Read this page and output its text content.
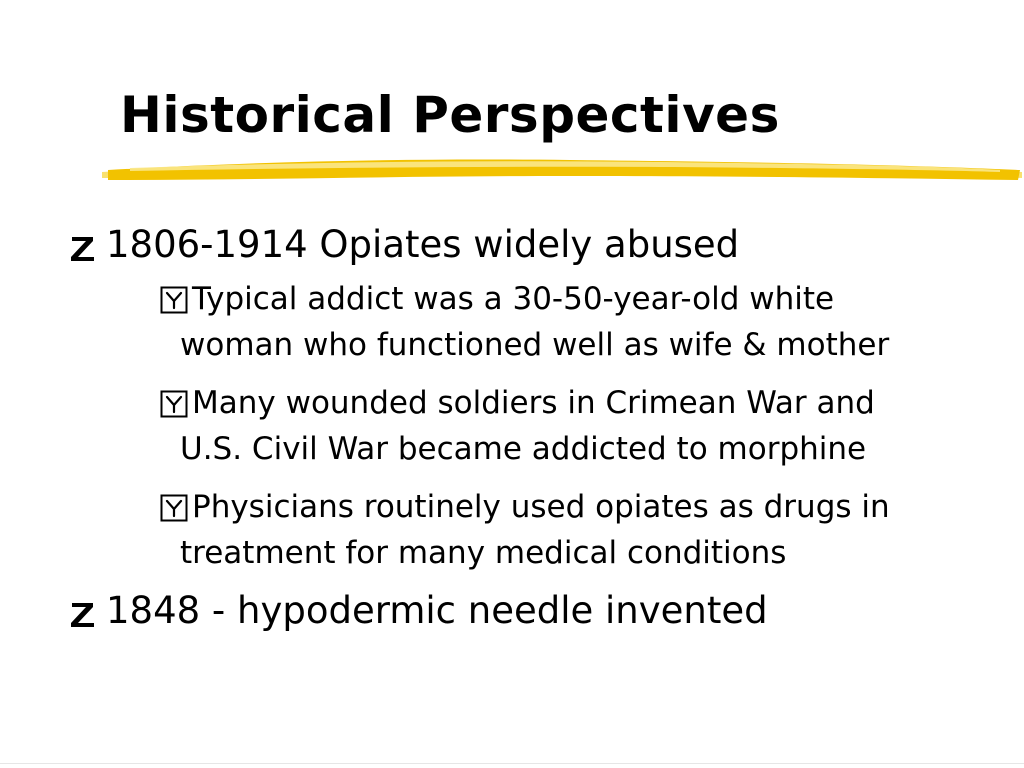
Historical Perspectives
1806-1914 Opiates widely abused
Typical addict was a 30-50-year-old white
woman who functioned well as wife & mother
Many wounded soldiers in Crimean War and
U.S. Civil War became addicted to morphine
Physicians routinely used opiates as drugs in
treatment for many medical conditions
1848 - hypodermic needle invented
